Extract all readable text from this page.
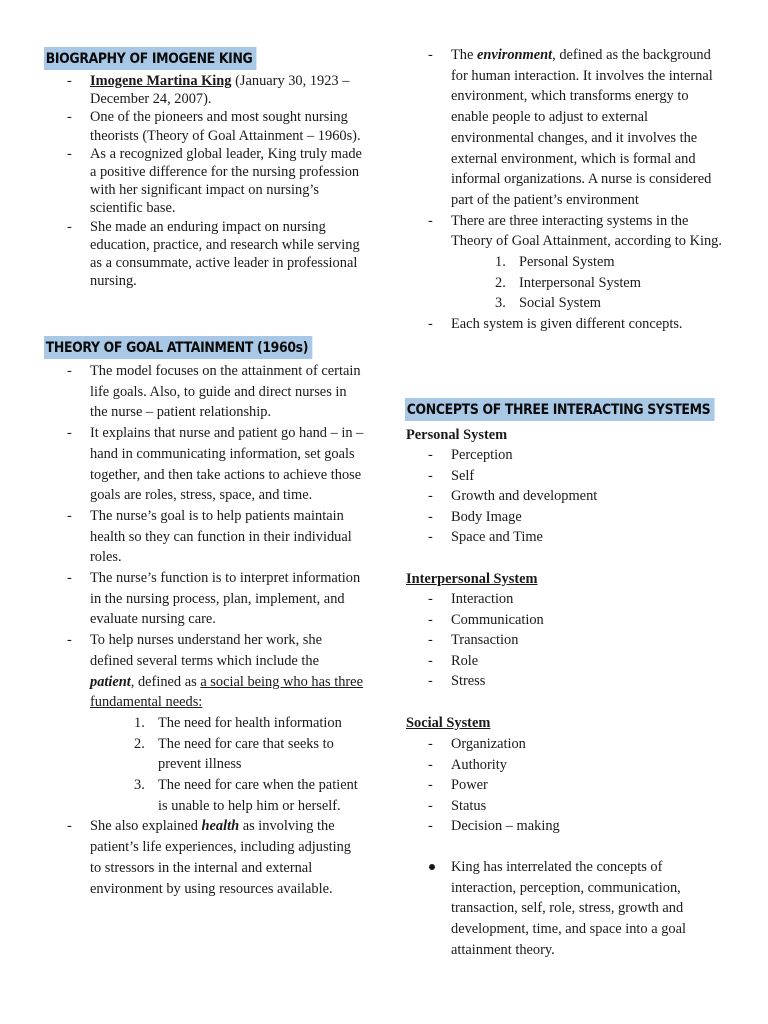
BIOGRAPHY OF IMOGENE KING
- Imogene Martina King (January 30, 1923 – December 24, 2007).
- One of the pioneers and most sought nursing theorists (Theory of Goal Attainment – 1960s).
- As a recognized global leader, King truly made a positive difference for the nursing profession with her significant impact on nursing’s scientific base.
- She made an enduring impact on nursing education, practice, and research while serving as a consummate, active leader in professional nursing.
THEORY OF GOAL ATTAINMENT (1960s)
- The model focuses on the attainment of certain life goals. Also, to guide and direct nurses in the nurse – patient relationship.
- It explains that nurse and patient go hand – in – hand in communicating information, set goals together, and then take actions to achieve those goals are roles, stress, space, and time.
- The nurse’s goal is to help patients maintain health so they can function in their individual roles.
- The nurse’s function is to interpret information in the nursing process, plan, implement, and evaluate nursing care.
- To help nurses understand her work, she defined several terms which include the patient, defined as a social being who has three fundamental needs:
1. The need for health information
2. The need for care that seeks to prevent illness
3. The need for care when the patient is unable to help him or herself.
- She also explained health as involving the patient’s life experiences, including adjusting to stressors in the internal and external environment by using resources available.
- The environment, defined as the background for human interaction. It involves the internal environment, which transforms energy to enable people to adjust to external environmental changes, and it involves the external environment, which is formal and informal organizations. A nurse is considered part of the patient’s environment
- There are three interacting systems in the Theory of Goal Attainment, according to King.
1. Personal System
2. Interpersonal System
3. Social System
- Each system is given different concepts.
CONCEPTS OF THREE INTERACTING SYSTEMS

Personal System

- Perception
- Self
- Growth and development
- Body Image
- Space and Time

Interpersonal System

- Interaction
- Communication
- Transaction
- Role
- Stress

Social System

- Organization
- Authority
- Power
- Status
- Decision – making
King has interrelated the concepts of interaction, perception, communication, transaction, self, role, stress, growth and development, time, and space into a goal attainment theory.
